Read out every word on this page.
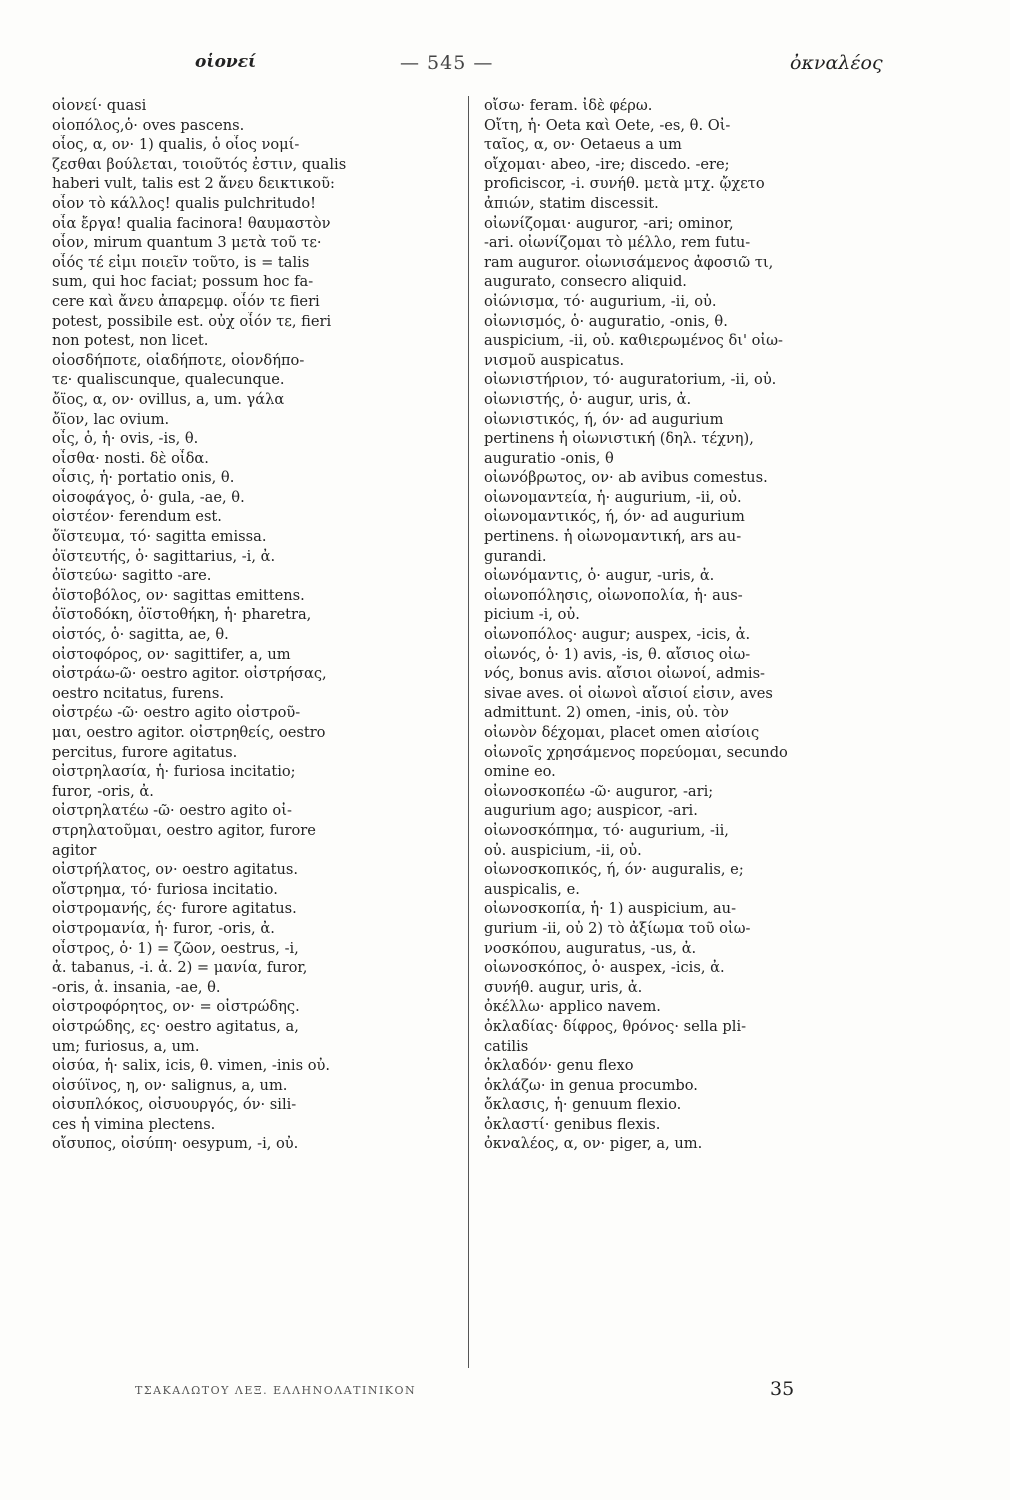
οἱονεί	— 545 —	ὀκναλέος
οἱονεί· quasi
οἱοπόλος,ὁ· oves pascens.
οἷος, α, ον· 1) qualis, ὁ οἷος νομί-
ζεσθαι βούλεται, τοιοῦτός ἐστιν, qualis
haberi vult, talis est 2 ἄνευ δεικτικοῦ:
οἷον τὸ κάλλος! qualis pulchritudo!
οἷα ἔργα! qualia facinora! θαυμαστὸν
οἷον, mirum quantum 3 μετὰ τοῦ τε·
οἷός τέ εἰμι ποιεῖν τοῦτο, is = talis
sum, qui hoc faciat; possum hoc fa-
cere καὶ ἄνευ ἀπαρεμφ. οἷόν τε fieri
potest, possibile est. οὐχ οἷόν τε, fieri
non potest, non licet.
οἱοσδήποτε, οἱαδήποτε, οἱονδήπο-
τε· qualiscunque, qualecunque.
ὄϊος, α, ον· ovillus, a, um. γάλα
ὄϊον, lac ovium.
οἶς, ὁ, ἡ· ovis, -is, θ.
οἶσθα· nosti. δὲ οἶδα.
οἶσις, ἡ· portatio onis, θ.
οἰσοφάγος, ὁ· gula, -ae, θ.
οἰστέον· ferendum est.
ὄϊστευμα, τό· sagitta emissa.
ὀϊστευτής, ὁ· sagittarius, -i, ἀ.
ὀϊστεύω· sagitto -are.
ὀϊστοβόλος, ον· sagittas emittens.
ὀϊστοδόκη, ὀϊστοθήκη, ἡ· pharetra,
οἰστός, ὁ· sagitta, ae, θ.
οἰστοφόρος, ον· sagittifer, a, um
οἰστράω-ῶ· oestro agitor. οἰστρήσας,
oestro ncitatus, furens.
οἰστρέω -ῶ· oestro agito οἰστροῦ-
μαι, oestro agitor. οἰστρηθείς, oestro
percitus, furore agitatus.
οἰστρηλασία, ἡ· furiosa incitatio;
furor, -oris, ἀ.
οἰστρηλατέω -ῶ· oestro agito οἰ-
στρηλατοῦμαι, oestro agitor, furore
agitor
οἰστρήλατος, ον· oestro agitatus.
οἴστρημα, τό· furiosa incitatio.
οἰστρομανής, ές· furore agitatus.
οἰστρομανία, ἡ· furor, -oris, ἀ.
οἶστρος, ὁ· 1) = ζῶον, oestrus, -i,
ἀ. tabanus, -i. ἀ. 2) = μανία, furor,
-oris, ἀ. insania, -ae, θ.
οἰστροφόρητος, ον· = οἰστρώδης.
οἰστρώδης, ες· oestro agitatus, a,
um; furiosus, a, um.
οἰσύα, ἡ· salix, icis, θ. vimen, -inis οὐ.
οἰσύϊνος, η, ον· salignus, a, um.
οἰσυπλόκος, οἰσυουργός, όν· sili-
ces ἡ vimina plectens.
οἴσυπος, οἰσύπη· oesypum, -i, οὐ.
οἴσω· feram. ἰδὲ φέρω.
Οἴτη, ἡ· Oeta καὶ Oete, -es, θ. Οἰ-
ταῖος, α, ον· Oetaeus a um
οἴχομαι· abeo, -ire; discedo. -ere;
proficiscor, -i. συνήθ. μετὰ μτχ. ᾤχετο
ἀπιών, statim discessit.
οἰωνίζομαι· auguror, -ari; ominor,
-ari. οἰωνίζομαι τὸ μέλλο, rem futu-
ram auguror. οἰωνισάμενος ἀφοσιῶ τι,
augurato, consecro aliquid.
οἰώνισμα, τό· augurium, -ii, οὐ.
οἰωνισμός, ὁ· auguratio, -onis, θ.
auspicium, -ii, οὐ. καθιερωμένος δι' οἰω-
νισμοῦ auspicatus.
οἰωνιστήριον, τό· auguratorium, -ii, οὐ.
οἰωνιστής, ὁ· augur, uris, ἀ.
οἰωνιστικός, ή, όν· ad augurium
pertinens ἡ οἰωνιστική (δηλ. τέχνη),
auguratio -onis, θ
οἰωνόβρωτος, ον· ab avibus comestus.
οἰωνομαντεία, ἡ· augurium, -ii, οὐ.
οἰωνομαντικός, ή, όν· ad augurium
pertinens. ἡ οἰωνομαντική, ars au-
gurandi.
οἰωνόμαντις, ὁ· augur, -uris, ἀ.
οἰωνοπόλησις, οἰωνοπολία, ἡ· aus-
picium -i, οὐ.
οἰωνοπόλος· augur; auspex, -icis, ἀ.
οἰωνός, ὁ· 1) avis, -is, θ. αἴσιος οἰω-
νός, bonus avis. αἴσιοι οἰωνοί, admis-
sivae aves. οἱ οἰωνοὶ αἴσιοί εἰσιν, aves
admittunt. 2) omen, -inis, οὐ. τὸν
οἰωνὸν δέχομαι, placet omen αἰσίοις
οἰωνοῖς χρησάμενος πορεύομαι, secundo
omine eo.
οἰωνοσκοπέω -ῶ· auguror, -ari;
augurium ago; auspicor, -ari.
οἰωνοσκόπημα, τό· augurium, -ii,
οὐ. auspicium, -ii, οὐ.
οἰωνοσκοπικός, ή, όν· auguralis, e;
auspicalis, e.
οἰωνοσκοπία, ἡ· 1) auspicium, au-
gurium -ii, οὐ 2) τὸ ἀξίωμα τοῦ οἰω-
νοσκόπου, auguratus, -us, ἀ.
οἰωνοσκόπος, ὁ· auspex, -icis, ἀ.
συνήθ. augur, uris, ἀ.
ὀκέλλω· applico navem.
ὀκλαδίας· δίφρος, θρόνος· sella pli-
catilis
ὀκλαδόν· genu flexo
ὀκλάζω· in genua procumbo.
ὄκλασις, ἡ· genuum flexio.
ὀκλαστί· genibus flexis.
ὀκναλέος, α, ον· piger, a, um.
ΤΣΑΚΑΛΩΤΟΥ ΛΕΞ. ΕΛΛΗΝΟΛΑΤΙΝΙΚΟΝ	35
